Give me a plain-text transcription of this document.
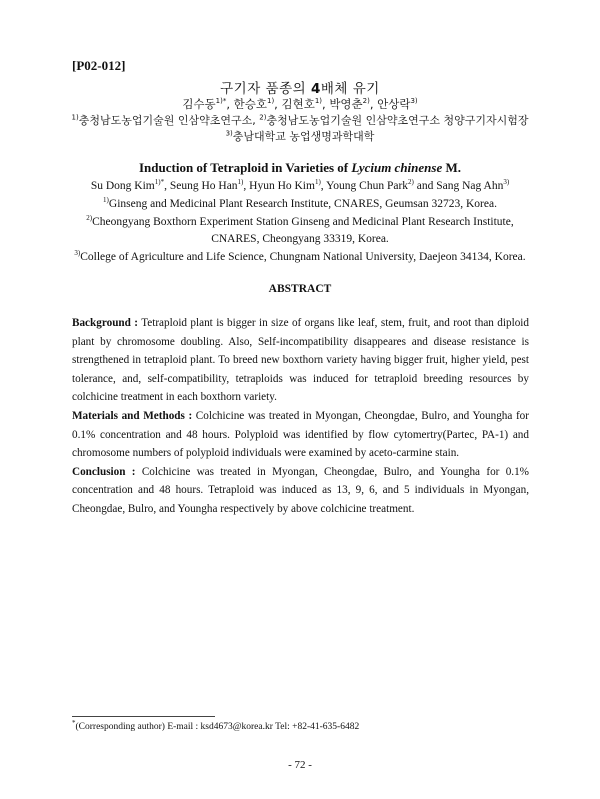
[P02-012]
구기자 품종의 4배체 유기
김수동$^{1)*}$, 한승호$^{1)}$, 김현호$^{1)}$, 박영춘$^{2)}$, 안상락$^{3)}$
$^{1)}$충청남도농업기술원 인삼약초연구소, $^{2)}$충청남도농업기술원 인삼약초연구소 청양구기자시험장
$^{3)}$충남대학교 농업생명과학대학
Induction of Tetraploid in Varieties of Lycium chinense M.
Su Dong Kim$^{1)*}$, Seung Ho Han$^{1)}$, Hyun Ho Kim$^{1)}$, Young Chun Park$^{2)}$ and Sang Nag Ahn$^{3)}$
$^{1)}$Ginseng and Medicinal Plant Research Institute, CNARES, Geumsan 32723, Korea.
$^{2)}$Cheongyang Boxthorn Experiment Station Ginseng and Medicinal Plant Research Institute,
CNARES, Cheongyang 33319, Korea.
$^{3)}$College of Agriculture and Life Science, Chungnam National University, Daejeon 34134, Korea.
ABSTRACT

Background : Tetraploid plant is bigger in size of organs like leaf, stem, fruit, and root than diploid plant by chromosome doubling. Also, Self-incompatibility disappeares and disease resistance is strengthened in tetraploid plant. To breed new boxthorn variety having bigger fruit, higher yield, pest tolerance, and, self-compatibility, tetraploids was induced for tetraploid breeding resources by colchicine treatment in each boxthorn variety.

Materials and Methods : Colchicine was treated in Myongan, Cheongdae, Bulro, and Youngha for 0.1% concentration and 48 hours. Polyploid was identified by flow cytomertry(Partec, PA-1) and chromosome numbers of polyploid individuals were examined by aceto-carmine stain.

Conclusion : Colchicine was treated in Myongan, Cheongdae, Bulro, and Youngha for 0.1% concentration and 48 hours. Tetraploid was induced as 13, 9, 6, and 5 individuals in Myongan, Cheongdae, Bulro, and Youngha respectively by above colchicine treatment.

*(Corresponding author) E-mail : ksd4673@korea.kr Tel: +82-41-635-6482
- 72 -
